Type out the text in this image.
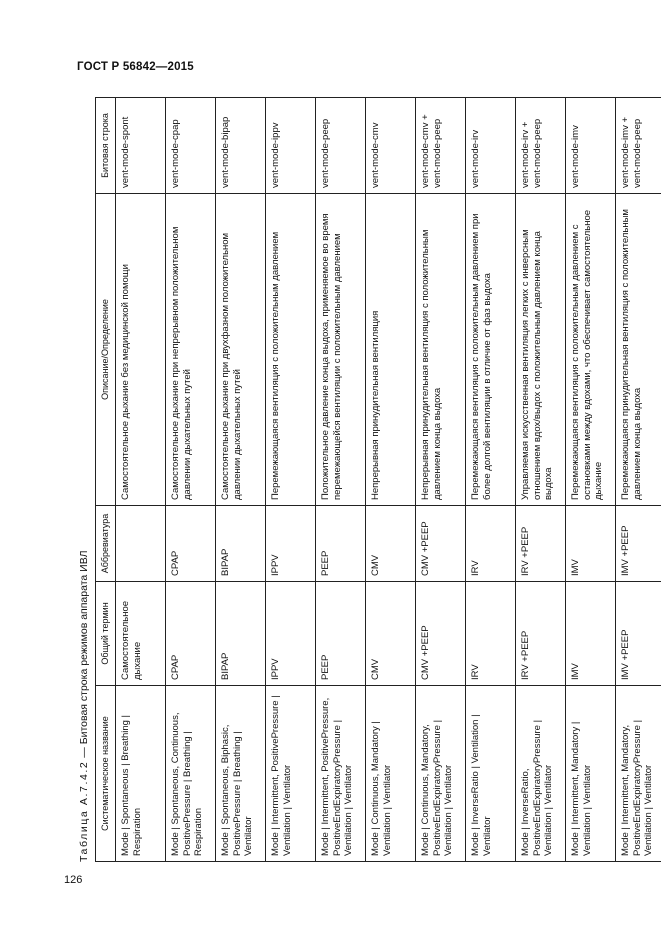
ГОСТ Р 56842—2015
Таблица А.7.4.2 — Битовая строка режимов аппарата ИВЛ
Систематическое название	Общий термин	Аббревиатура	Описание/Определение	Битовая строка
Mode | Spontaneous | Breathing | Respiration	Самостоятельное дыхание		Самостоятельное дыхание без медицинской помощи	vent-mode-spont
Mode | Spontaneous, Continuous, PositivePressure | Breathing | Respiration	CPAP	CPAP	Самостоятельное дыхание при непрерывном положительном давлении дыхательных путей	vent-mode-cpap
Mode | Spontaneous, Biphasic, PositivePressure | Breathing | Ventilator	BIPAP	BIPAP	Самостоятельное дыхание при двухфазном положительном давлении дыхательных путей	vent-mode-bipap
Mode | Intermittent, PositivePressure | Ventilation | Ventilator	IPPV	IPPV	Перемежающаяся вентиляция с положительным давлением	vent-mode-ippv
Mode | Intermittent, PositivePressure, PositiveEndExpiratoryPressure | Ventilation | Ventilator	PEEP	PEEP	Положительное давление конца выдоха, применяемое во время перемежающейся вентиляции с положительным давлением	vent-mode-peep
Mode | Continuous, Mandatory | Ventilation | Ventilator	CMV	CMV	Непрерывная принудительная вентиляция	vent-mode-cmv
Mode | Continuous, Mandatory, PositiveEndExpiratoryPressure | Ventilation | Ventilator	CMV +PEEP	CMV +PEEP	Непрерывная принудительная вентиляция с положительным давлением конца выдоха	vent-mode-cmv + vent-mode-peep
Mode | InverseRatio | Ventilation | Ventilator	IRV	IRV	Перемежающаяся вентиляция с положительным давлением при более долгой вентиляции в отличие от фаз выдоха	vent-mode-irv
Mode | InverseRatio, PositiveEndExpiratoryPressure | Ventilation | Ventilator	IRV +PEEP	IRV +PEEP	Управляемая искусственная вентиляция легких с инверсным отношением вдох/выдох с положительным давлением конца выдоха	vent-mode-irv + vent-mode-peep
Mode | Intermittent, Mandatory | Ventilation | Ventilator	IMV	IMV	Перемежающаяся вентиляция с положительным давлением с остановками между вдохами, что обеспечивает самостоятельное дыхание	vent-mode-imv
Mode | Intermittent, Mandatory, PositiveEndExpiratoryPressure | Ventilation | Ventilator	IMV +PEEP	IMV +PEEP	Перемежающаяся принудительная вентиляция с положительным давлением конца выдоха	vent-mode-imv + vent-mode-peep
126
